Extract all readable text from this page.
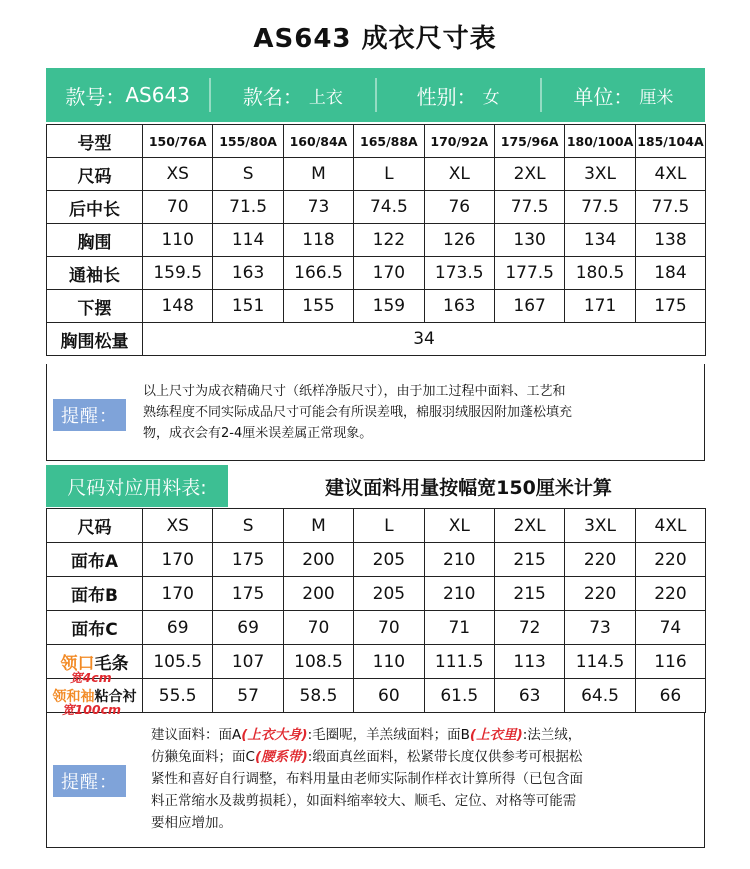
AS643 成衣尺寸表
款号： AS643	款名： 上衣	性别： 女	单位： 厘米
号型	150/76A	155/80A	160/84A	165/88A	170/92A	175/96A	180/100A	185/104A
尺码	XS	S	M	L	XL	2XL	3XL	4XL
后中长	70	71.5	73	74.5	76	77.5	77.5	77.5
胸围	110	114	118	122	126	130	134	138
通袖长	159.5	163	166.5	170	173.5	177.5	180.5	184
下摆	148	151	155	159	163	167	171	175
胸围松量	34							
提醒：

以上尺寸为成衣精确尺寸（纸样净版尺寸），由于加工过程中面料、工艺和

熟练程度不同实际成品尺寸可能会有所误差哦，棉服羽绒服因附加蓬松填充

物，成衣会有2-4厘米误差属正常现象。

尺码对应用料表:	建议面料用量按幅宽150厘米计算
尺码	XS	S	M	L	XL	2XL	3XL	4XL
面布A	170	175	200	205	210	215	220	220
面布B	170	175	200	205	210	215	220	220
面布C	69	69	70	70	71	72	73	74
领口毛条	105.5	107	108.5	110	111.5	113	114.5	116
领和袖粘合衬	55.5	57	58.5	60	61.5	63	64.5	66
宽4cm
宽100cm
提醒：

建议面料：面A(上衣大身):毛圈呢，羊羔绒面料；面B(上衣里):法兰绒，

仿獭兔面料；面C(腰系带):缎面真丝面料，松紧带长度仅供参考可根据松

紧性和喜好自行调整，布料用量由老师实际制作样衣计算所得（已包含面

料正常缩水及裁剪损耗），如面料缩率较大、顺毛、定位、对格等可能需

要相应增加。
